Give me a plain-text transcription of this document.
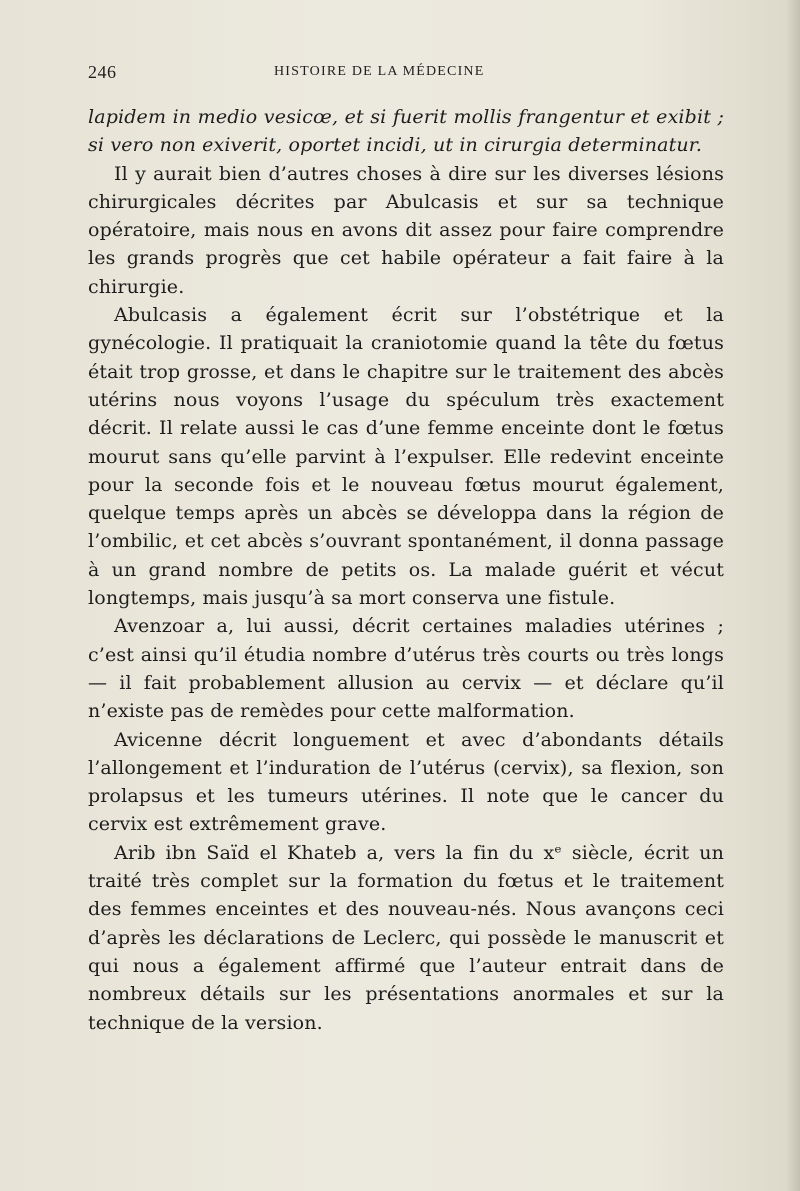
246	HISTOIRE DE LA MÉDECINE

lapidem in medio vesicœ, et si fuerit mollis frangentur et exibit ; si vero non exiverit, oportet incidi, ut in cirurgia determinatur.

Il y aurait bien d’autres choses à dire sur les diverses lésions chirurgicales décrites par Abulcasis et sur sa technique opératoire, mais nous en avons dit assez pour faire comprendre les grands progrès que cet habile opérateur a fait faire à la chirurgie.

Abulcasis a également écrit sur l’obstétrique et la gynécologie. Il pratiquait la craniotomie quand la tête du fœtus était trop grosse, et dans le chapitre sur le traitement des abcès utérins nous voyons l’usage du spéculum très exactement décrit. Il relate aussi le cas d’une femme enceinte dont le fœtus mourut sans qu’elle parvint à l’expulser. Elle redevint enceinte pour la seconde fois et le nouveau fœtus mourut également, quelque temps après un abcès se développa dans la région de l’ombilic, et cet abcès s’ouvrant spontanément, il donna passage à un grand nombre de petits os. La malade guérit et vécut longtemps, mais jusqu’à sa mort conserva une fistule.

Avenzoar a, lui aussi, décrit certaines maladies utérines ; c’est ainsi qu’il étudia nombre d’utérus très courts ou très longs — il fait probablement allusion au cervix — et déclare qu’il n’existe pas de remèdes pour cette malformation.

Avicenne décrit longuement et avec d’abondants détails l’allongement et l’induration de l’utérus (cervix), sa flexion, son prolapsus et les tumeurs utérines. Il note que le cancer du cervix est extrêmement grave.

Arib ibn Saïd el Khateb a, vers la fin du xᵉ siècle, écrit un traité très complet sur la formation du fœtus et le traitement des femmes enceintes et des nouveau-nés. Nous avançons ceci d’après les déclarations de Leclerc, qui possède le manuscrit et qui nous a également affirmé que l’auteur entrait dans de nombreux détails sur les présentations anormales et sur la technique de la version.
